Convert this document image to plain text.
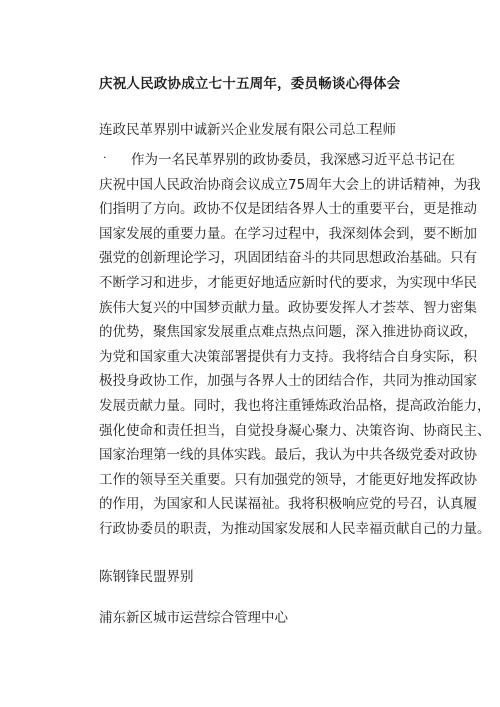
庆祝人民政协成立七十五周年，委员畅谈心得体会
连政民革界别中诚新兴企业发展有限公司总工程师
·	作为一名民革界别的政协委员，我深感习近平总书记在
庆祝中国人民政治协商会议成立75周年大会上的讲话精神，为我
们指明了方向。政协不仅是团结各界人士的重要平台，更是推动
国家发展的重要力量。在学习过程中，我深刻体会到，要不断加
强党的创新理论学习，巩固团结奋斗的共同思想政治基础。只有
不断学习和进步，才能更好地适应新时代的要求，为实现中华民
族伟大复兴的中国梦贡献力量。政协要发挥人才荟萃、智力密集
的优势，聚焦国家发展重点难点热点问题，深入推进协商议政，
为党和国家重大决策部署提供有力支持。我将结合自身实际，积
极投身政协工作，加强与各界人士的团结合作，共同为推动国家
发展贡献力量。同时，我也将注重锤炼政治品格，提高政治能力，
强化使命和责任担当，自觉投身凝心聚力、决策咨询、协商民主、
国家治理第一线的具体实践。最后，我认为中共各级党委对政协
工作的领导至关重要。只有加强党的领导，才能更好地发挥政协
的作用，为国家和人民谋福祉。我将积极响应党的号召，认真履
行政协委员的职责，为推动国家发展和人民幸福贡献自己的力量。
陈钢锋民盟界别
浦东新区城市运营综合管理中心
